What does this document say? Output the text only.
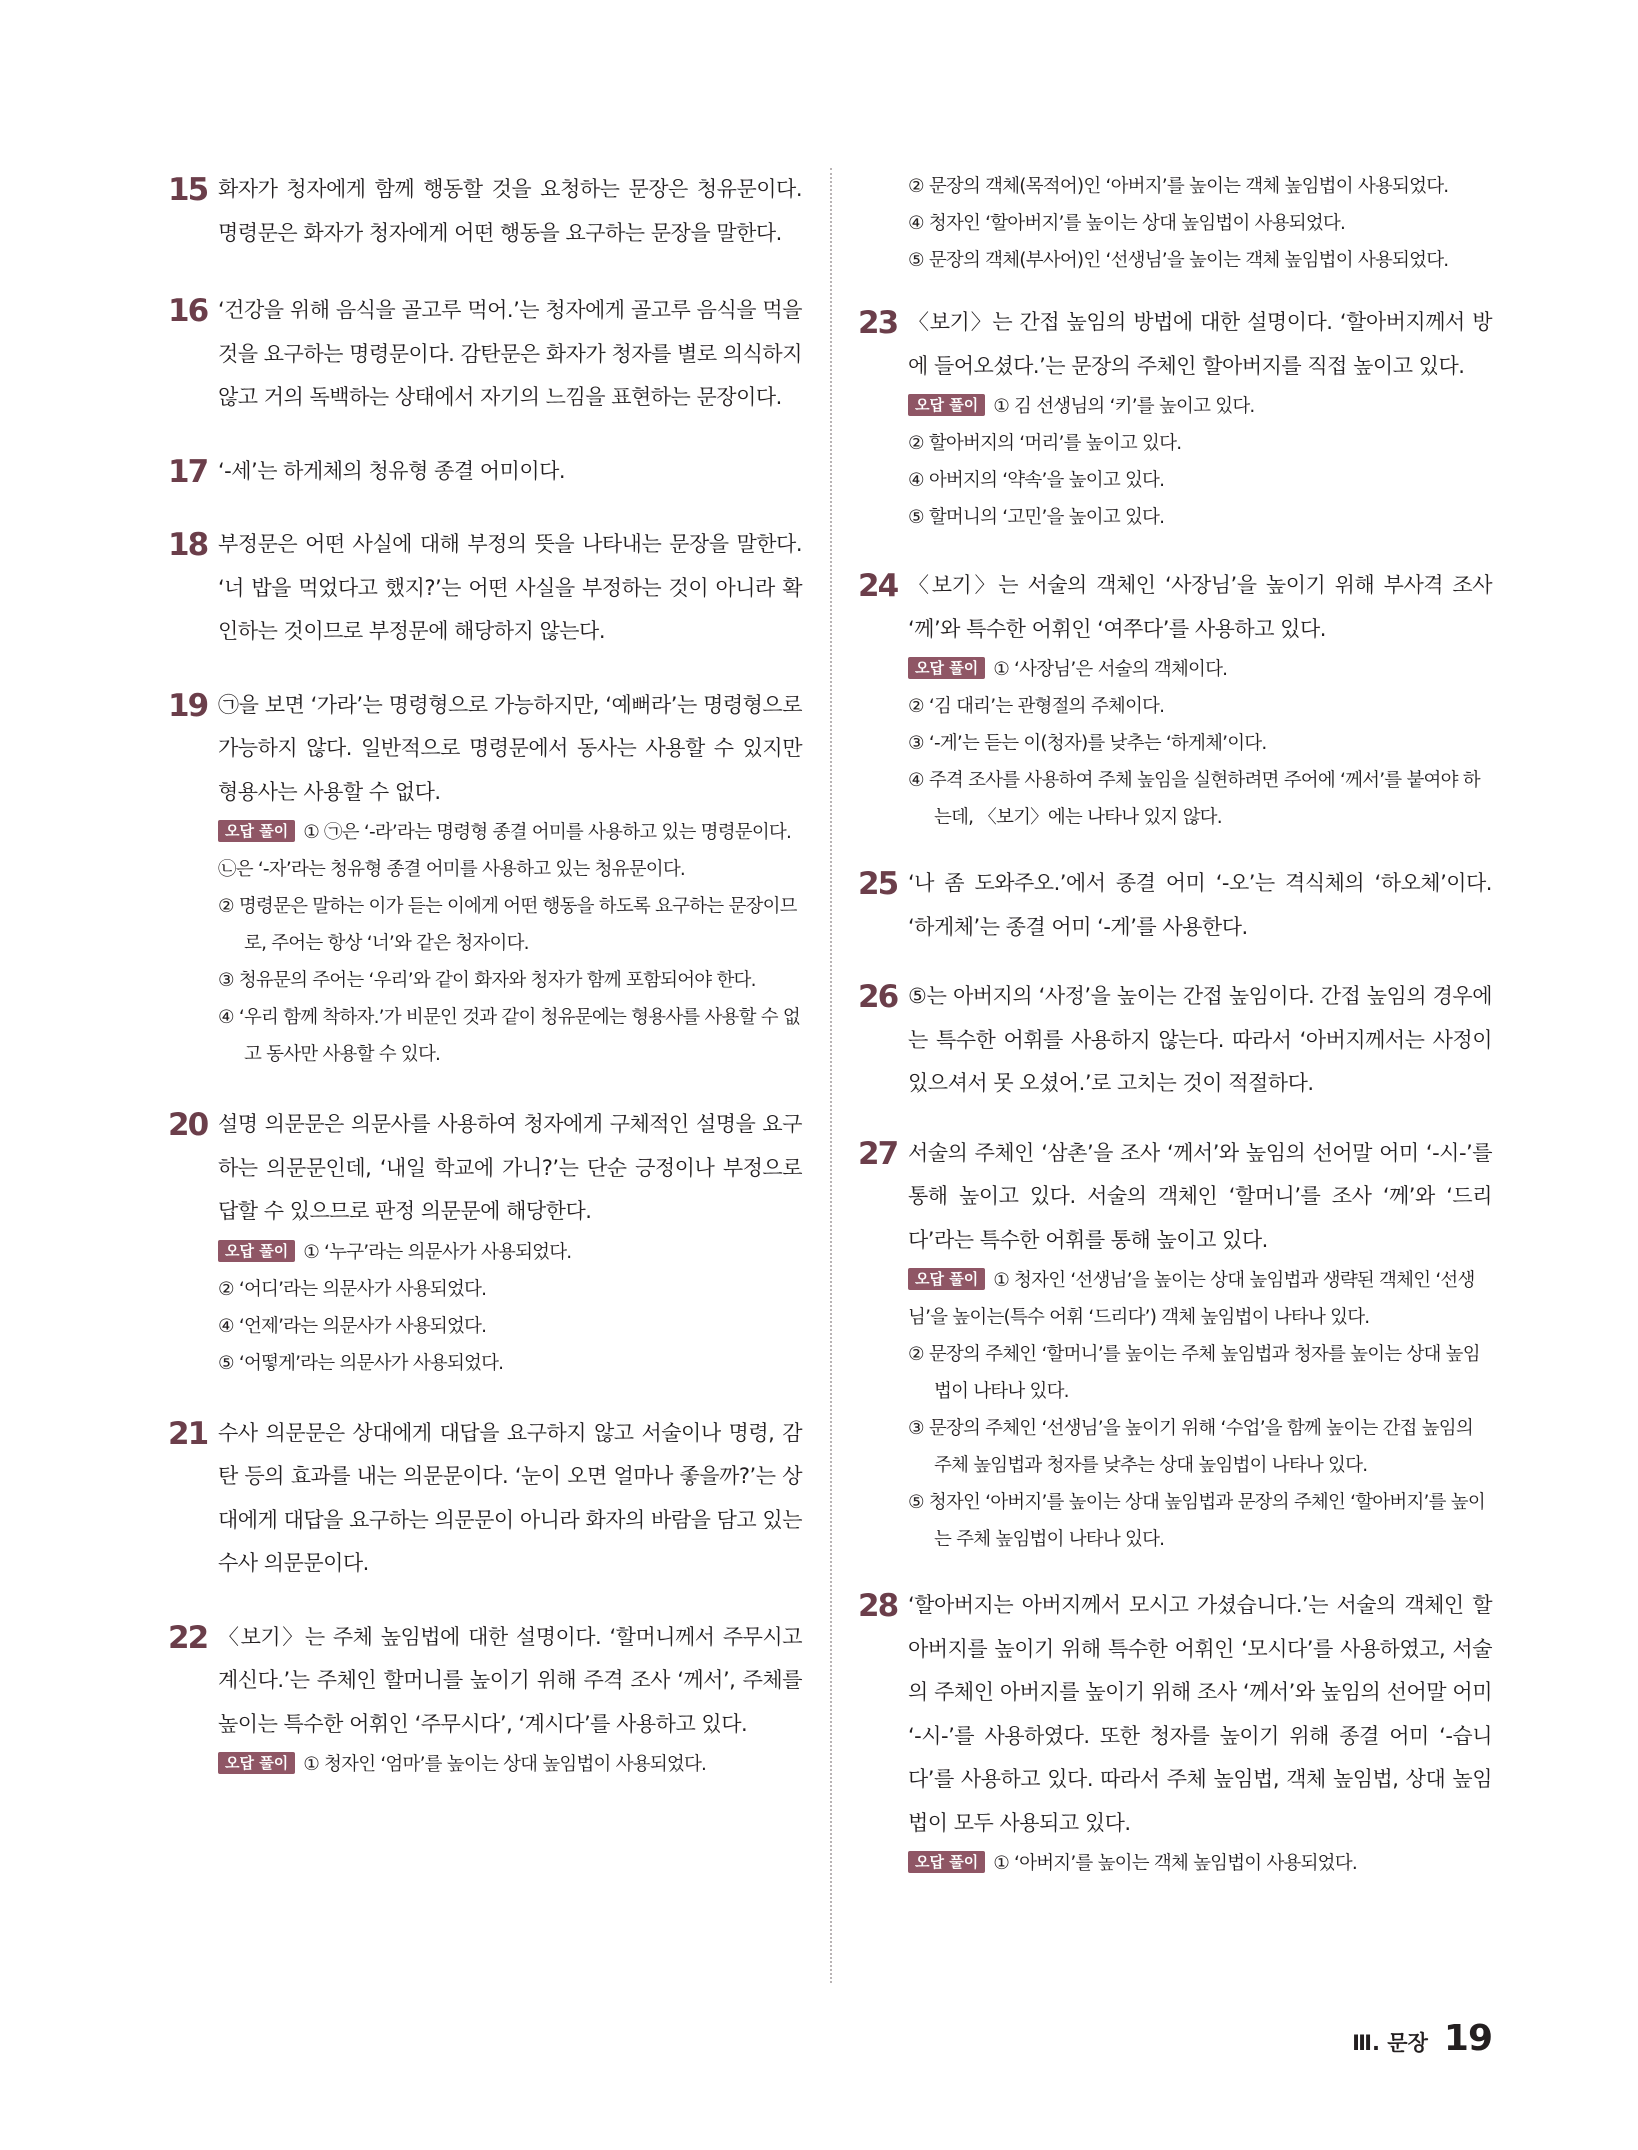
15 화자가 청자에게 함께 행동할 것을 요청하는 문장은 청유문이다. 명령문은 화자가 청자에게 어떤 행동을 요구하는 문장을 말한다.
16 ‘건강을 위해 음식을 골고루 먹어.’는 청자에게 골고루 음식을 먹을 것을 요구하는 명령문이다. 감탄문은 화자가 청자를 별로 의식하지 않고 거의 독백하는 상태에서 자기의 느낌을 표현하는 문장이다.
17 ‘-세’는 하게체의 청유형 종결 어미이다.
18 부정문은 어떤 사실에 대해 부정의 뜻을 나타내는 문장을 말한다. ‘너 밥을 먹었다고 했지?’는 어떤 사실을 부정하는 것이 아니라 확인하는 것이므로 부정문에 해당하지 않는다.
19 ㉠을 보면 ‘가라’는 명령형으로 가능하지만, ‘예뻐라’는 명령형으로 가능하지 않다. 일반적으로 명령문에서 동사는 사용할 수 있지만 형용사는 사용할 수 없다.
오답 풀이 ① ㉠은 ‘-라’라는 명령형 종결 어미를 사용하고 있는 명령문이다. ㉡은 ‘-자’라는 청유형 종결 어미를 사용하고 있는 청유문이다.
② 명령문은 말하는 이가 듣는 이에게 어떤 행동을 하도록 요구하는 문장이므로, 주어는 항상 ‘너’와 같은 청자이다.
③ 청유문의 주어는 ‘우리’와 같이 화자와 청자가 함께 포함되어야 한다.
④ ‘우리 함께 착하자.’가 비문인 것과 같이 청유문에는 형용사를 사용할 수 없고 동사만 사용할 수 있다.
20 설명 의문문은 의문사를 사용하여 청자에게 구체적인 설명을 요구하는 의문문인데, ‘내일 학교에 가니?’는 단순 긍정이나 부정으로 답할 수 있으므로 판정 의문문에 해당한다.
오답 풀이 ① ‘누구’라는 의문사가 사용되었다.
② ‘어디’라는 의문사가 사용되었다.
④ ‘언제’라는 의문사가 사용되었다.
⑤ ‘어떻게’라는 의문사가 사용되었다.
21 수사 의문문은 상대에게 대답을 요구하지 않고 서술이나 명령, 감탄 등의 효과를 내는 의문문이다. ‘눈이 오면 얼마나 좋을까?’는 상대에게 대답을 요구하는 의문문이 아니라 화자의 바람을 담고 있는 수사 의문문이다.
22 〈보기〉는 주체 높임법에 대한 설명이다. ‘할머니께서 주무시고 계신다.’는 주체인 할머니를 높이기 위해 주격 조사 ‘께서’, 주체를 높이는 특수한 어휘인 ‘주무시다’, ‘계시다’를 사용하고 있다.
오답 풀이 ① 청자인 ‘엄마’를 높이는 상대 높임법이 사용되었다.
② 문장의 객체(목적어)인 ‘아버지’를 높이는 객체 높임법이 사용되었다.
④ 청자인 ‘할아버지’를 높이는 상대 높임법이 사용되었다.
⑤ 문장의 객체(부사어)인 ‘선생님’을 높이는 객체 높임법이 사용되었다.
23 〈보기〉는 간접 높임의 방법에 대한 설명이다. ‘할아버지께서 방에 들어오셨다.’는 문장의 주체인 할아버지를 직접 높이고 있다.
오답 풀이 ① 김 선생님의 ‘키’를 높이고 있다.
② 할아버지의 ‘머리’를 높이고 있다.
④ 아버지의 ‘약속’을 높이고 있다.
⑤ 할머니의 ‘고민’을 높이고 있다.
24 〈보기〉는 서술의 객체인 ‘사장님’을 높이기 위해 부사격 조사 ‘께’와 특수한 어휘인 ‘여쭈다’를 사용하고 있다.
오답 풀이 ① ‘사장님’은 서술의 객체이다.
② ‘김 대리’는 관형절의 주체이다.
③ ‘-게’는 듣는 이(청자)를 낮추는 ‘하게체’이다.
④ 주격 조사를 사용하여 주체 높임을 실현하려면 주어에 ‘께서’를 붙여야 하는데, 〈보기〉에는 나타나 있지 않다.
25 ‘나 좀 도와주오.’에서 종결 어미 ‘-오’는 격식체의 ‘하오체’이다. ‘하게체’는 종결 어미 ‘-게’를 사용한다.
26 ⑤는 아버지의 ‘사정’을 높이는 간접 높임이다. 간접 높임의 경우에는 특수한 어휘를 사용하지 않는다. 따라서 ‘아버지께서는 사정이 있으셔서 못 오셨어.’로 고치는 것이 적절하다.
27 서술의 주체인 ‘삼촌’을 조사 ‘께서’와 높임의 선어말 어미 ‘-시-’를 통해 높이고 있다. 서술의 객체인 ‘할머니’를 조사 ‘께’와 ‘드리다’라는 특수한 어휘를 통해 높이고 있다.
오답 풀이 ① 청자인 ‘선생님’을 높이는 상대 높임법과 생략된 객체인 ‘선생님’을 높이는(특수 어휘 ‘드리다’) 객체 높임법이 나타나 있다.
② 문장의 주체인 ‘할머니’를 높이는 주체 높임법과 청자를 높이는 상대 높임법이 나타나 있다.
③ 문장의 주체인 ‘선생님’을 높이기 위해 ‘수업’을 함께 높이는 간접 높임의 주체 높임법과 청자를 낮추는 상대 높임법이 나타나 있다.
⑤ 청자인 ‘아버지’를 높이는 상대 높임법과 문장의 주체인 ‘할아버지’를 높이는 주체 높임법이 나타나 있다.
28 ‘할아버지는 아버지께서 모시고 가셨습니다.’는 서술의 객체인 할아버지를 높이기 위해 특수한 어휘인 ‘모시다’를 사용하였고, 서술의 주체인 아버지를 높이기 위해 조사 ‘께서’와 높임의 선어말 어미 ‘-시-’를 사용하였다. 또한 청자를 높이기 위해 종결 어미 ‘-습니다’를 사용하고 있다. 따라서 주체 높임법, 객체 높임법, 상대 높임법이 모두 사용되고 있다.
오답 풀이 ① ‘아버지’를 높이는 객체 높임법이 사용되었다.
Ⅲ. 문장 19
